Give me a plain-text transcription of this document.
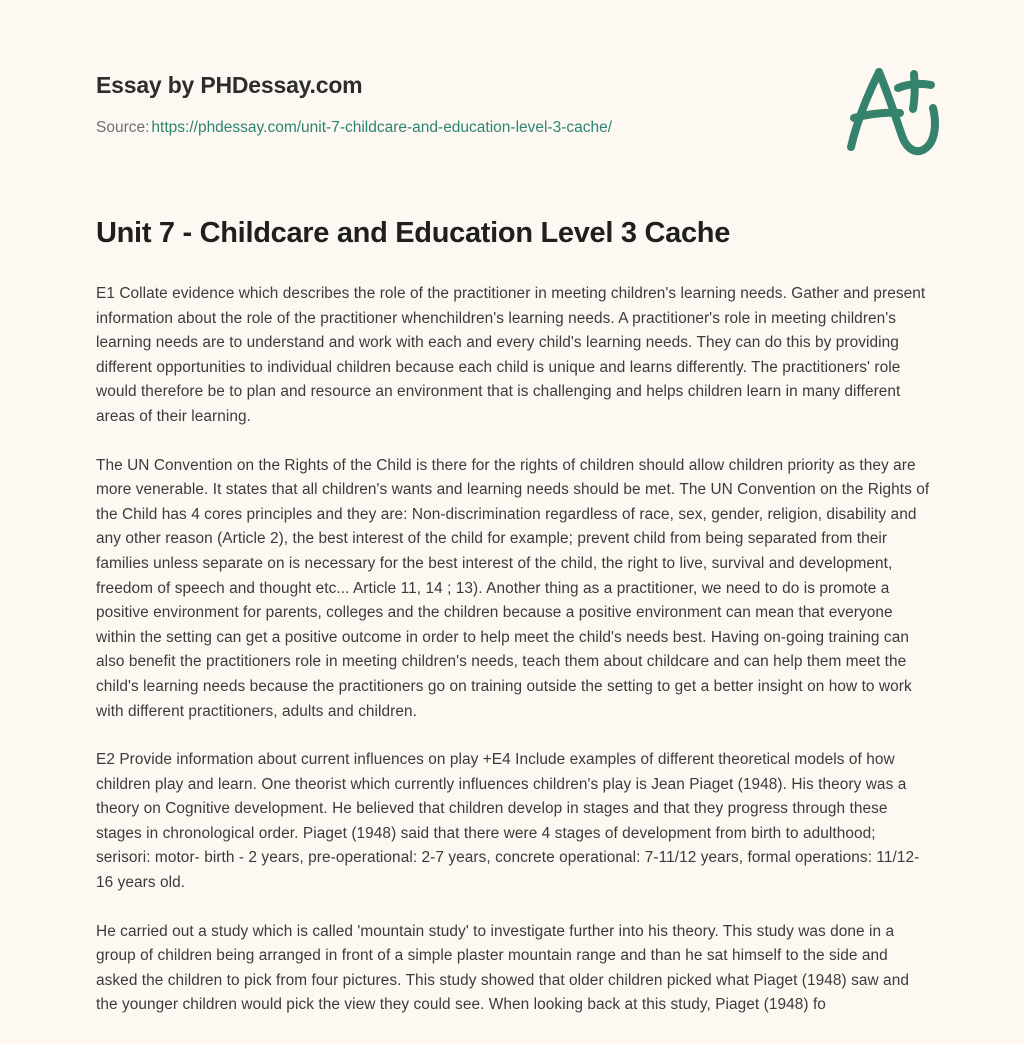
Essay by PHDessay.com
Source: https://phdessay.com/unit-7-childcare-and-education-level-3-cache/
Unit 7 - Childcare and Education Level 3 Cache

E1 Collate evidence which describes the role of the practitioner in meeting children's learning needs. Gather and present information about the role of the practitioner whenchildren's learning needs. A practitioner's role in meeting children's learning needs are to understand and work with each and every child's learning needs. They can do this by providing different opportunities to individual children because each child is unique and learns differently. The practitioners' role would therefore be to plan and resource an environment that is challenging and helps children learn in many different areas of their learning.

The UN Convention on the Rights of the Child is there for the rights of children should allow children priority as they are more venerable. It states that all children's wants and learning needs should be met. The UN Convention on the Rights of the Child has 4 cores principles and they are: Non-discrimination regardless of race, sex, gender, religion, disability and any other reason (Article 2), the best interest of the child for example; prevent child from being separated from their families unless separate on is necessary for the best interest of the child, the right to live, survival and development, freedom of speech and thought etc... Article 11, 14 ; 13). Another thing as a practitioner, we need to do is promote a positive environment for parents, colleges and the children because a positive environment can mean that everyone within the setting can get a positive outcome in order to help meet the child's needs best. Having on-going training can also benefit the practitioners role in meeting children's needs, teach them about childcare and can help them meet the child's learning needs because the practitioners go on training outside the setting to get a better insight on how to work with different practitioners, adults and children.

E2 Provide information about current influences on play +E4 Include examples of different theoretical models of how children play and learn. One theorist which currently influences children's play is Jean Piaget (1948). His theory was a theory on Cognitive development. He believed that children develop in stages and that they progress through these stages in chronological order. Piaget (1948) said that there were 4 stages of development from birth to adulthood; serisori: motor- birth - 2 years, pre-operational: 2-7 years, concrete operational: 7-11/12 years, formal operations: 11/12-16 years old.

He carried out a study which is called 'mountain study' to investigate further into his theory. This study was done in a group of children being arranged in front of a simple plaster mountain range and than he sat himself to the side and asked the children to pick from four pictures. This study showed that older children picked what Piaget (1948) saw and the younger children would pick the view they could see. When looking back at this study, Piaget (1948) fo
